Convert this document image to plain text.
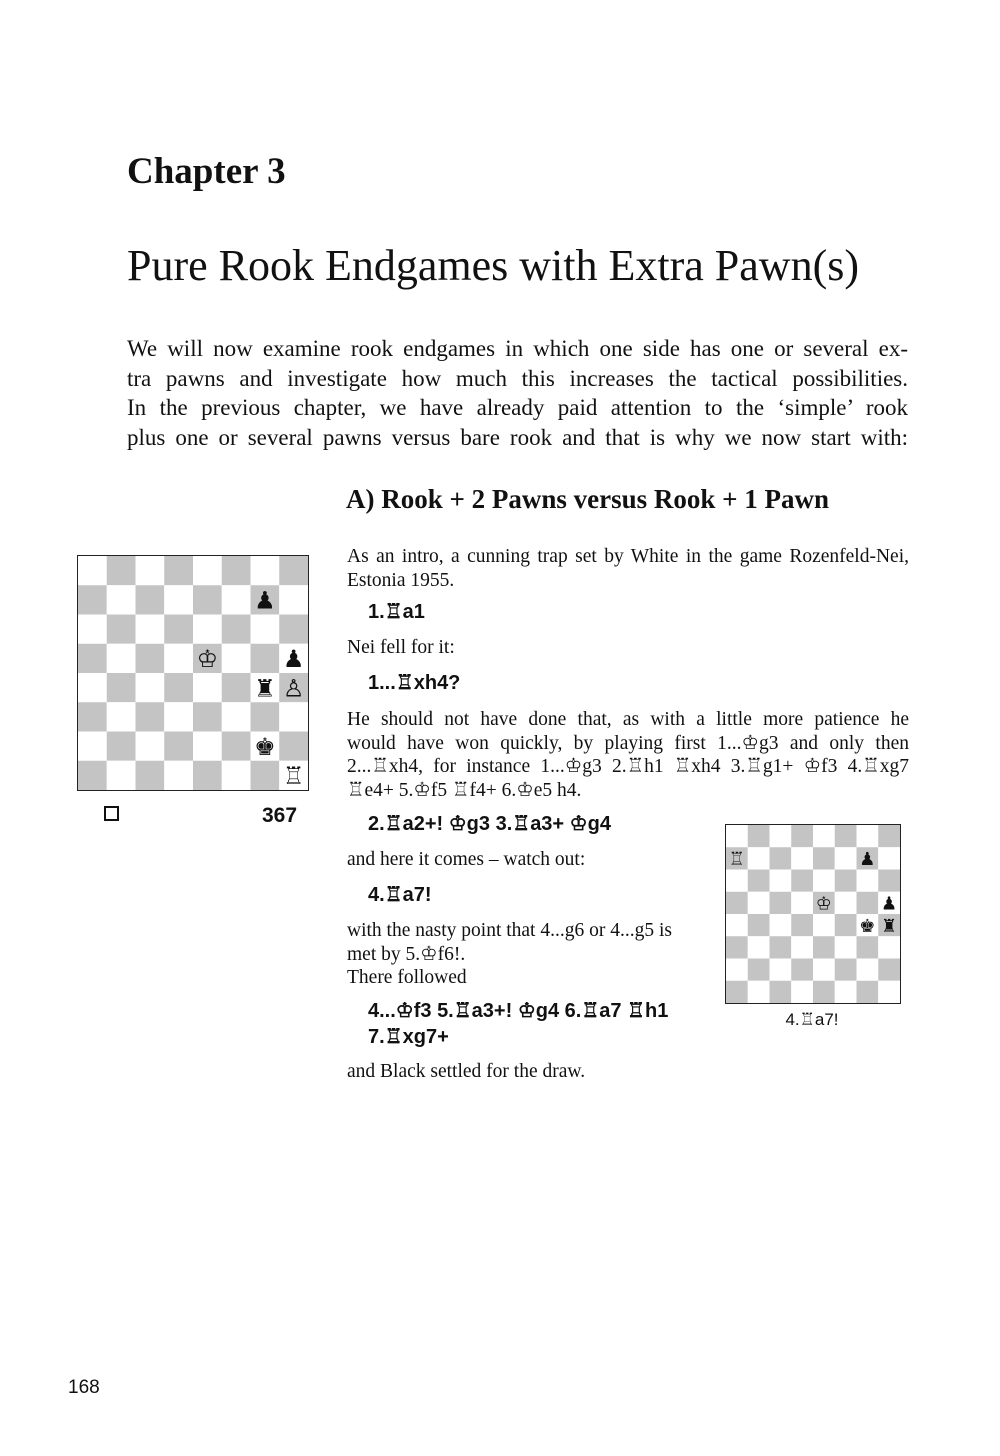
Chapter 3
Pure Rook Endgames with Extra Pawn(s)

We will now examine rook endgames in which one side has one or several ex-

tra pawns and investigate how much this increases the tactical possibilities.

In the previous chapter, we have already paid attention to the ‘simple’ rook

plus one or several pawns versus bare rook and that is why we now start with:

A) Rook + 2 Pawns versus Rook + 1 Pawn
♟
♔	♟
♜ ♙
♚
♖
367

As an intro, a cunning trap set by White in the game Rozenfeld-Nei,

Estonia 1955.

1.♖a1
Nei fell for it:
1...♖xh4?

He should not have done that, as with a little more patience he

would have won quickly, by playing first 1...♔g3 and only then

2...♖xh4, for instance 1...♔g3 2.♖h1 ♖xh4 3.♖g1+ ♔f3 4.♖xg7

♖e4+ 5.♔f5 ♖f4+ 6.♔e5 h4.

2.♖a2+! ♔g3 3.♖a3+ ♔g4
and here it comes – watch out:
4.♖a7!

with the nasty point that 4...g6 or 4...g5 is

met by 5.♔f6!.

There followed

4...♔f3 5.♖a3+! ♔g4 6.♖a7 ♖h1

7.♖xg7+

and Black settled for the draw.
♖	♟
♔	♟
♚ ♜
4.♖a7!
168
